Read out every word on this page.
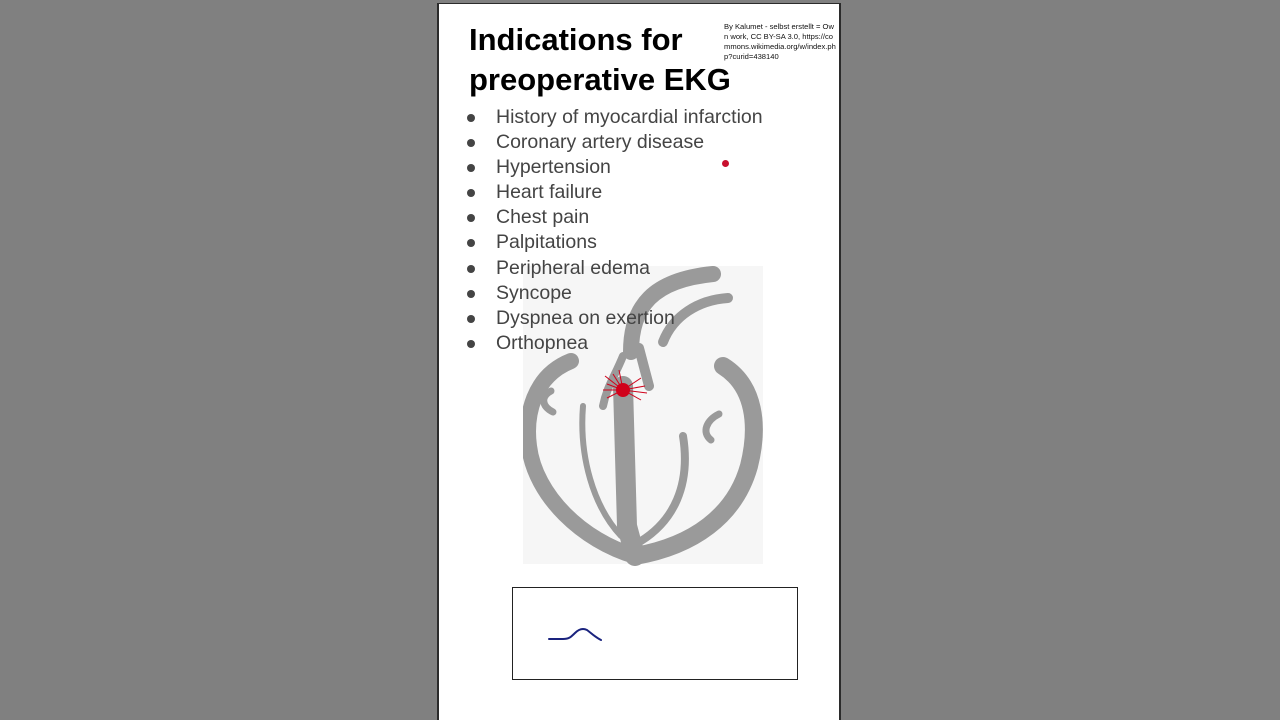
Indications for
preoperative EKG
By Kalumet - selbst erstellt = Own work, CC BY-SA 3.0, https://commons.wikimedia.org/w/index.php?curid=438140
History of myocardial infarction
Coronary artery disease
Hypertension
Heart failure
Chest pain
Palpitations
Peripheral edema
Syncope
Dyspnea on exertion
Orthopnea
